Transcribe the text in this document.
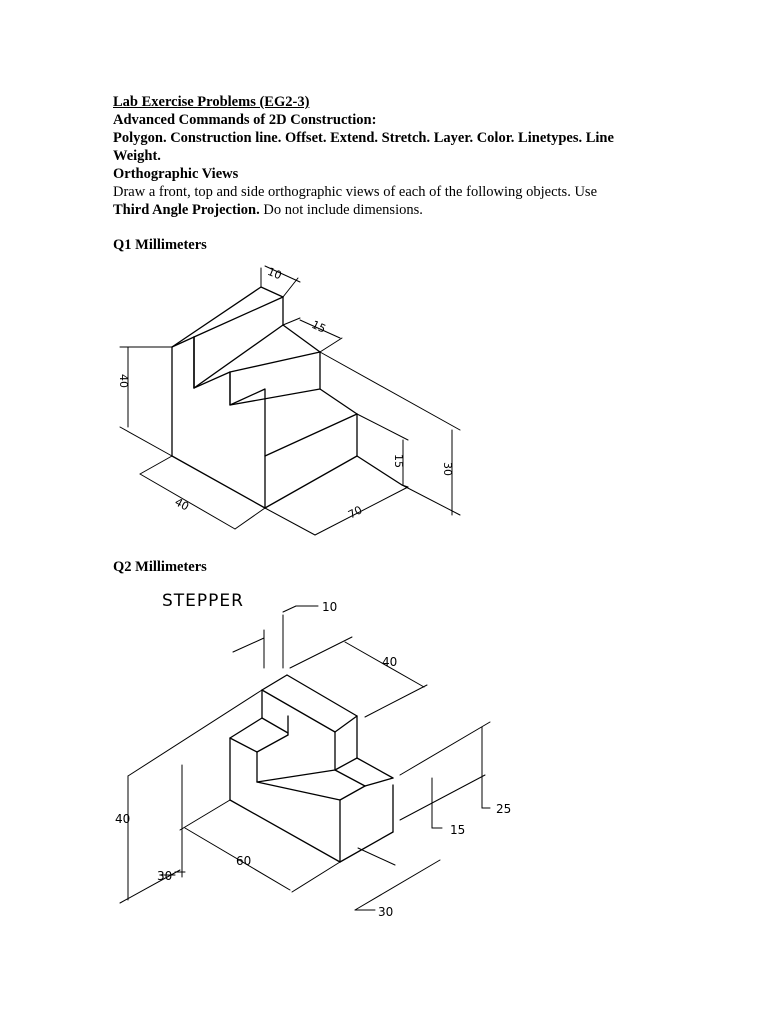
Lab Exercise Problems (EG2-3)
Advanced Commands of 2D Construction:
Polygon. Construction line. Offset. Extend. Stretch. Layer. Color. Linetypes. Line
Weight.
Orthographic Views
Draw a front, top and side orthographic views of each of the following objects. Use
Third Angle Projection. Do not include dimensions.
Q1 Millimeters
Q2 Millimeters
10
15
40
30
15
40	70
STEPPER	10
40
25
15
40
60
30
30
